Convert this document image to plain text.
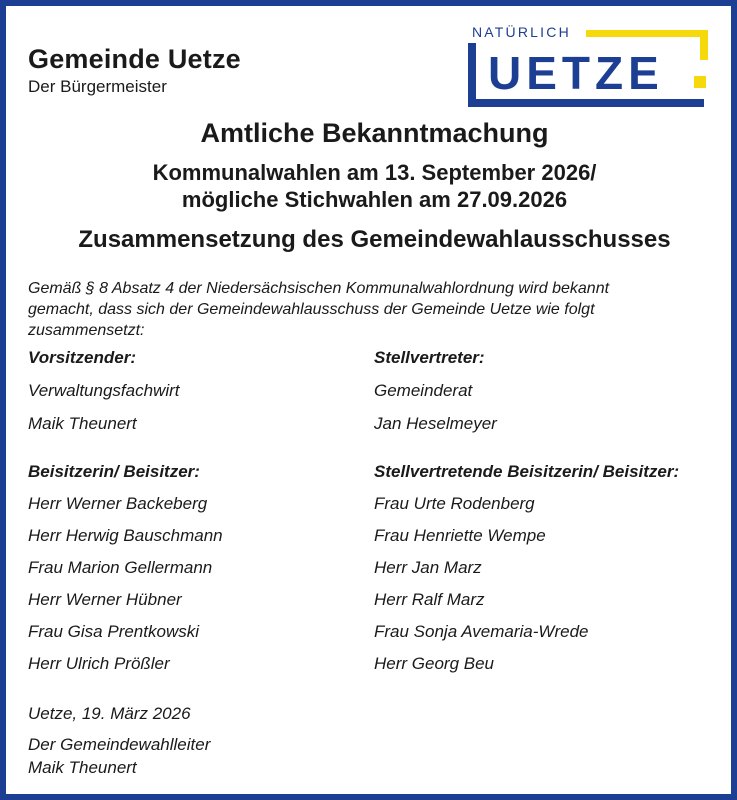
Gemeinde Uetze
Der Bürgermeister
NATÜRLICH
UETZE
Amtliche Bekanntmachung
Kommunalwahlen am 13. September 2026/
mögliche Stichwahlen am 27.09.2026
Zusammensetzung des Gemeindewahlausschusses
Gemäß § 8 Absatz 4 der Niedersächsischen Kommunalwahlordnung wird bekannt
gemacht, dass sich der Gemeindewahlausschuss der Gemeinde Uetze wie folgt
zusammensetzt:
Vorsitzender:
Verwaltungsfachwirt
Maik Theunert
Stellvertreter:
Gemeinderat
Jan Heselmeyer
Beisitzerin/ Beisitzer:
Herr Werner Backeberg
Herr Herwig Bauschmann
Frau Marion Gellermann
Herr Werner Hübner
Frau Gisa Prentkowski
Herr Ulrich Prößler
Stellvertretende Beisitzerin/ Beisitzer:
Frau Urte Rodenberg
Frau Henriette Wempe
Herr Jan Marz
Herr Ralf Marz
Frau Sonja Avemaria-Wrede
Herr Georg Beu
Uetze, 19. März 2026
Der Gemeindewahlleiter
Maik Theunert
